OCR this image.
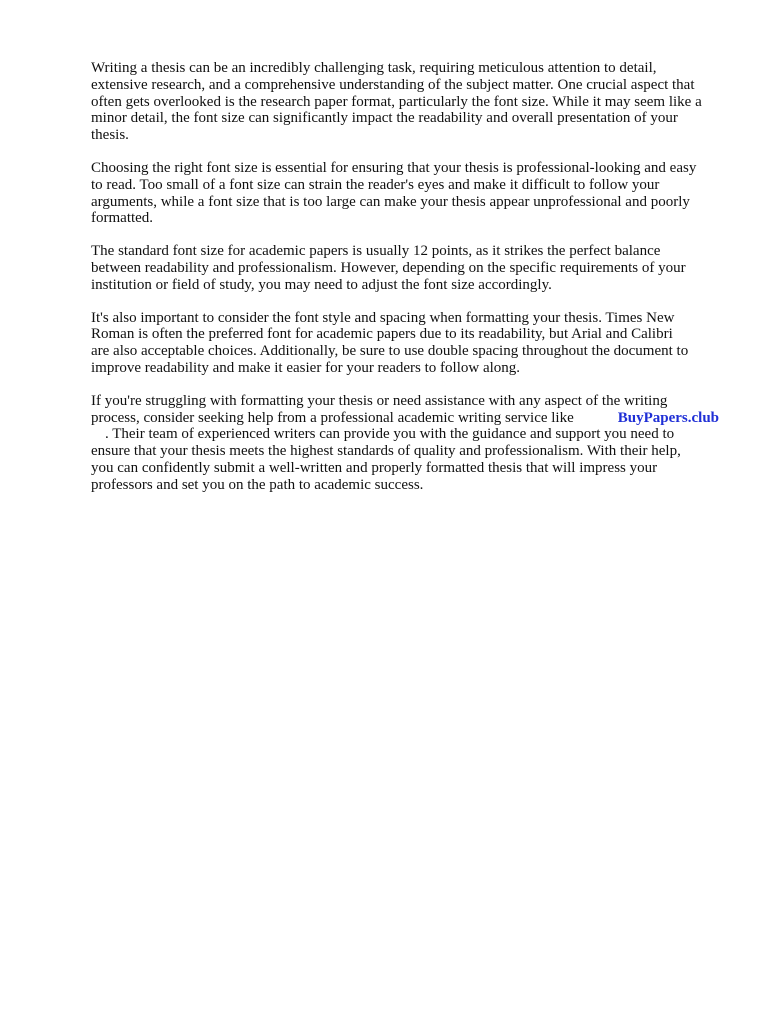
Writing a thesis can be an incredibly challenging task, requiring meticulous attention to detail,
extensive research, and a comprehensive understanding of the subject matter. One crucial aspect that
often gets overlooked is the research paper format, particularly the font size. While it may seem like a
minor detail, the font size can significantly impact the readability and overall presentation of your
thesis.

Choosing the right font size is essential for ensuring that your thesis is professional-looking and easy
to read. Too small of a font size can strain the reader's eyes and make it difficult to follow your
arguments, while a font size that is too large can make your thesis appear unprofessional and poorly
formatted.

The standard font size for academic papers is usually 12 points, as it strikes the perfect balance
between readability and professionalism. However, depending on the specific requirements of your
institution or field of study, you may need to adjust the font size accordingly.

It's also important to consider the font style and spacing when formatting your thesis. Times New
Roman is often the preferred font for academic papers due to its readability, but Arial and Calibri
are also acceptable choices. Additionally, be sure to use double spacing throughout the document to
improve readability and make it easier for your readers to follow along.

If you're struggling with formatting your thesis or need assistance with any aspect of the writing
process, consider seeking help from a professional academic writing service like	BuyPapers.club
. Their team of experienced writers can provide you with the guidance and support you need to
ensure that your thesis meets the highest standards of quality and professionalism. With their help,
you can confidently submit a well-written and properly formatted thesis that will impress your
professors and set you on the path to academic success.
